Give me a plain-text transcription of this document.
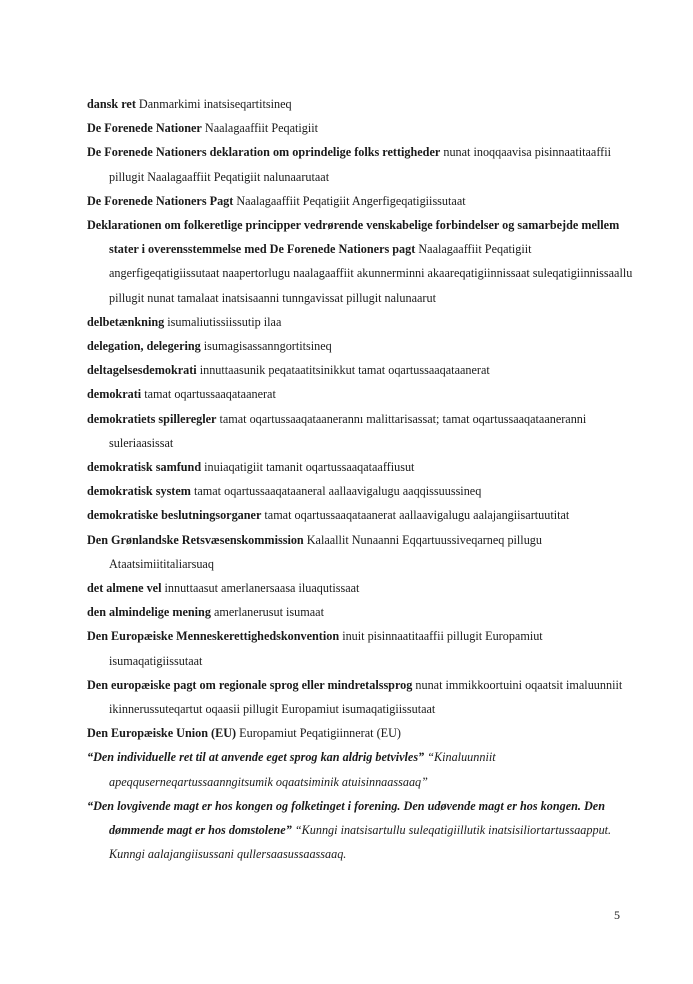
dansk ret Danmarkimi inatsiseqartitsineq

De Forenede Nationer Naalagaaffiit Peqatigiit

De Forenede Nationers deklaration om oprindelige folks rettigheder nunat inoqqaavisa pisinnaatitaaffii pillugit Naalagaaffiit Peqatigiit nalunaarutaat

De Forenede Nationers Pagt Naalagaaffiit Peqatigiit Angerfigeqatigiissutaat

Deklarationen om folkeretlige principper vedrørende venskabelige forbindelser og samarbejde mellem stater i overensstemmelse med De Forenede Nationers pagt Naalagaaffiit Peqatigiit angerfigeqatigiissutaat naapertorlugu naalagaaffiit akunnerminni akaareqatigiinnissaat suleqatigiinnissaallu pillugit nunat tamalaat inatsisaanni tunngavissat pillugit nalunaarut

delbetænkning isumaliutissiissutip ilaa

delegation, delegering isumagisassanngortitsineq

deltagelsesdemokrati innuttaasunik peqataatitsinikkut tamat oqartussaaqataanerat

demokrati tamat oqartussaaqataanerat

demokratiets spilleregler tamat oqartussaaqataanerannı malittarisassat; tamat oqartussaaqataaneranni suleriaasissat

demokratisk samfund inuiaqatigiit tamanit oqartussaaqataaffiusut

demokratisk system tamat oqartussaaqataaneral aallaavigalugu aaqqissuussineq

demokratiske beslutningsorganer tamat oqartussaaqataanerat aallaavigalugu aalajangiisartuutitat

Den Grønlandske Retsvæsenskommission Kalaallit Nunaanni Eqqartuussiveqarneq pillugu Ataatsimiititaliarsuaq

det almene vel innuttaasut amerlanersaasa iluaqutissaat

den almindelige mening amerlanerusut isumaat

Den Europæiske Menneskerettighedskonvention inuit pisinnaatitaaffii pillugit Europamiut isumaqatigiissutaat

Den europæiske pagt om regionale sprog eller mindretalssprog nunat immikkoortuini oqaatsit imaluunniit ikinnerussuteqartut oqaasii pillugit Europamiut isumaqatigiissutaat

Den Europæiske Union (EU) Europamiut Peqatigiinnerat (EU)

“Den individuelle ret til at anvende eget sprog kan aldrig betvivles” “Kinaluunniit apeqquserneqartussaanngitsumik oqaatsiminik atuisinnaassaaq”

“Den lovgivende magt er hos kongen og folketinget i forening. Den udøvende magt er hos kongen. Den dømmende magt er hos domstolene” “Kunngi inatsisartullu suleqatigiillutik inatsisiliortartussaapput. Kunngi aalajangiisussani qullersaasussaassaaq.

5
